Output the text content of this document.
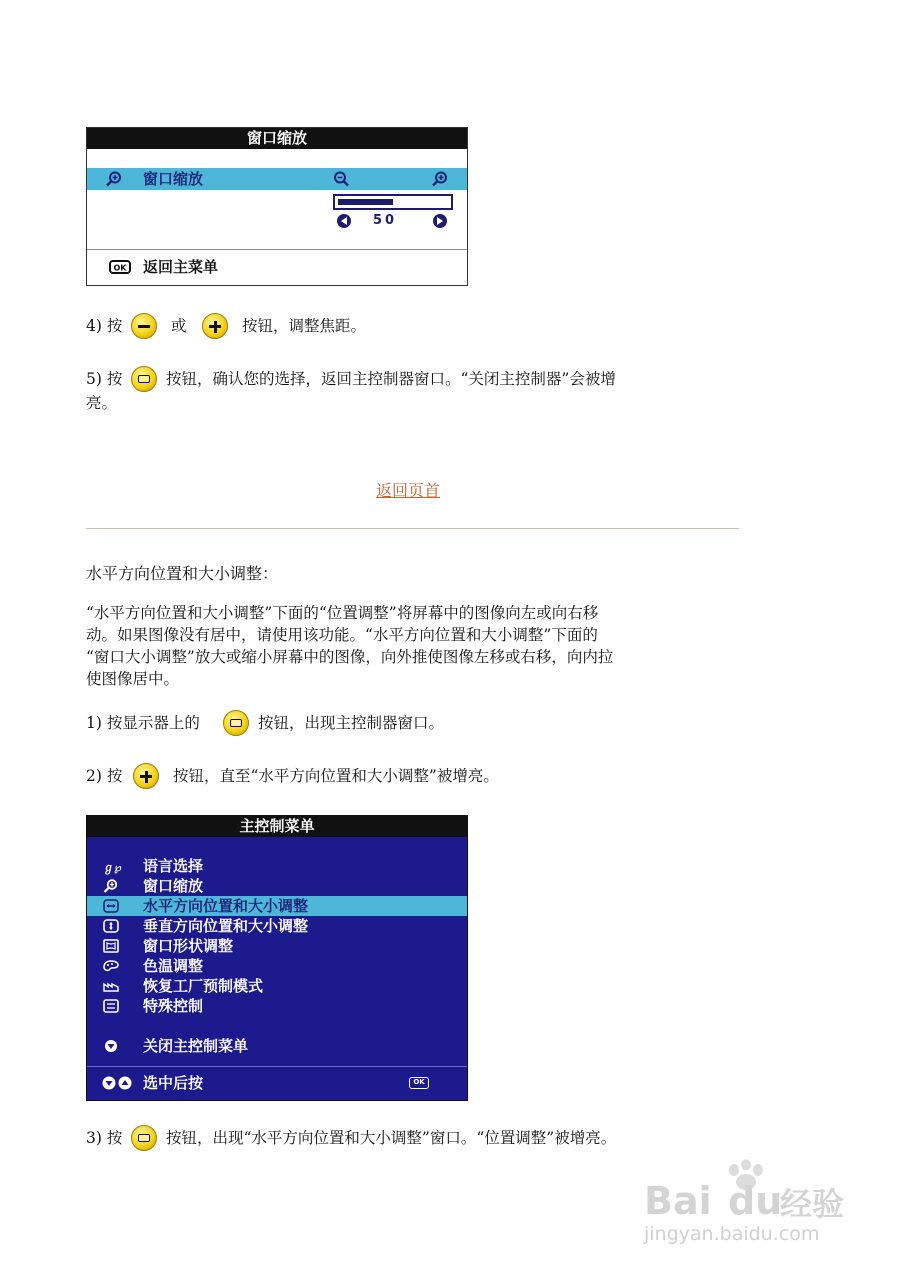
窗口缩放
窗口缩放
50
OK 返回主菜单
4) 按	或	按钮，调整焦距。
5) 按	按钮，确认您的选择，返回主控制器窗口。“关闭主控制器”会被增
亮。
返回页首
水平方向位置和大小调整：
“水平方向位置和大小调整”下面的“位置调整”将屏幕中的图像向左或向右移
动。如果图像没有居中，请使用该功能。“水平方向位置和大小调整”下面的
“窗口大小调整”放大或缩小屏幕中的图像，向外推使图像左移或右移，向内拉
使图像居中。
1) 按显示器上的	按钮，出现主控制器窗口。
2) 按	按钮，直至“水平方向位置和大小调整”被增亮。
主控制菜单
ℊ℘ 语言选择
窗口缩放
水平方向位置和大小调整
垂直方向位置和大小调整
窗口形状调整
色温调整
恢复工厂预制模式
特殊控制
关闭主控制菜单
选中后按	OK
3) 按	按钮，出现“水平方向位置和大小调整”窗口。“位置调整”被增亮。
Bai du
经验
jingyan.baidu.com
